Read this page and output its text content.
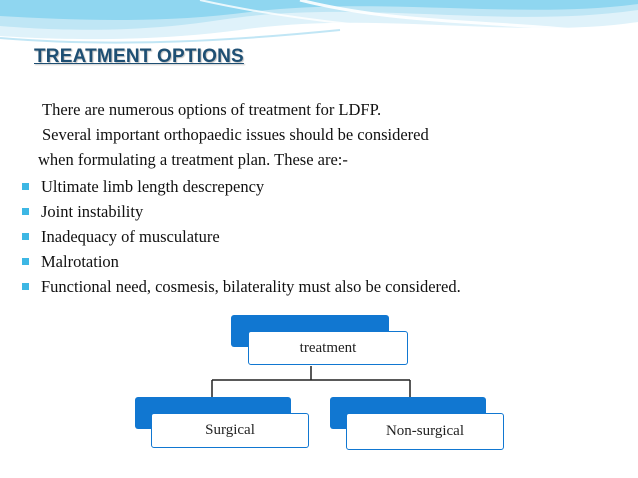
TREATMENT OPTIONS
There are numerous options of treatment for LDFP.
Several important orthopaedic issues should be considered
when formulating a treatment plan. These are:-
Ultimate limb length descrepency
Joint instability
Inadequacy of musculature
Malrotation
Functional need, cosmesis, bilaterality must also be considered.
treatment
Surgical	Non-surgical
